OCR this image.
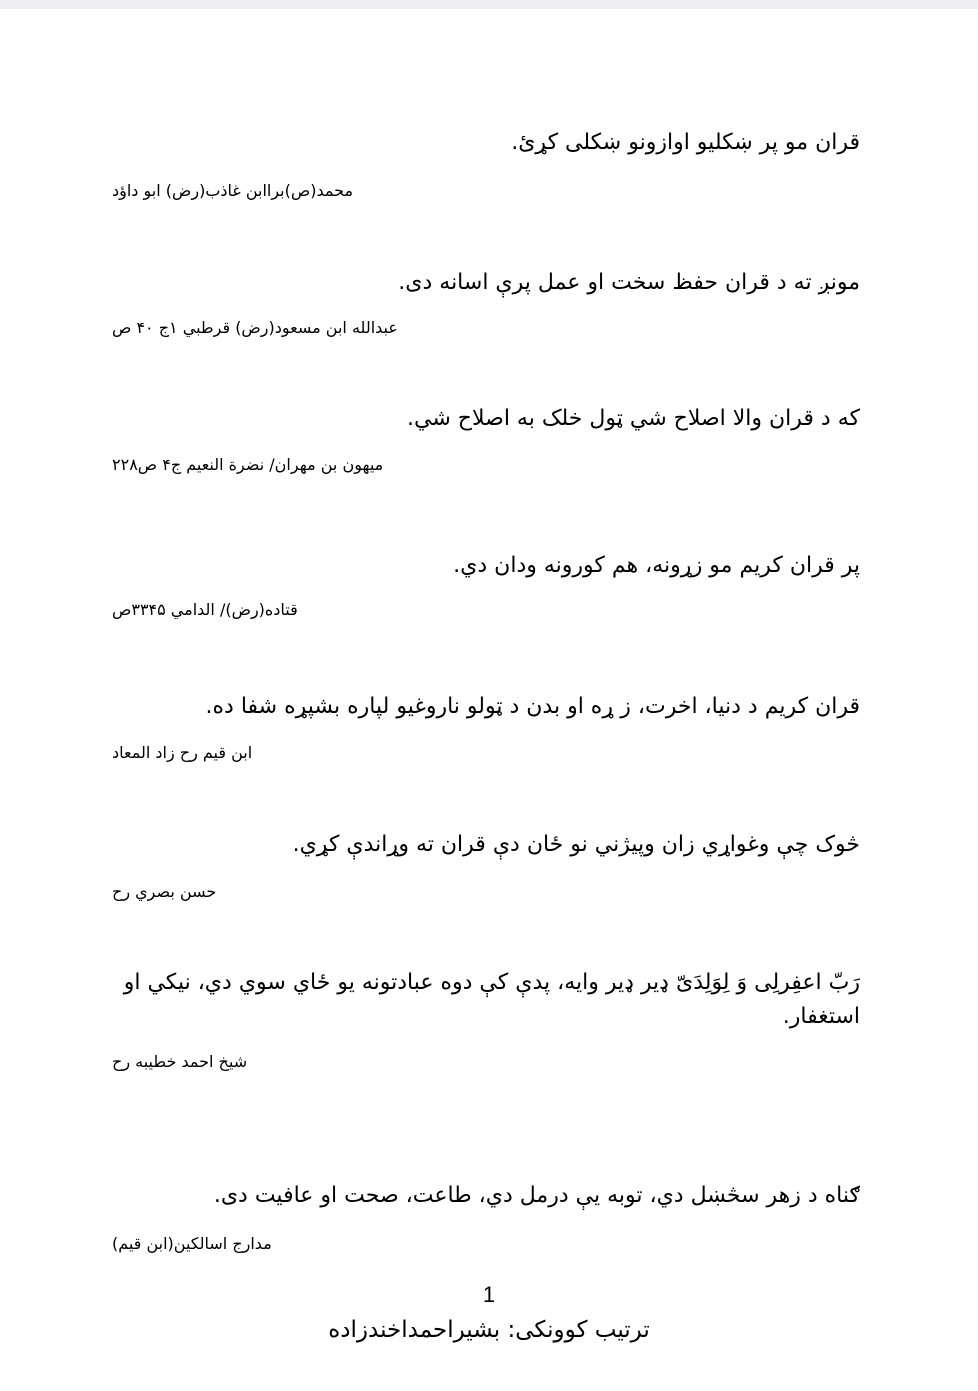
قران مو پر ښکلیو اوازونو ښکلی کړئ.
محمد(ص)براابن غاذب(رض) ابو داؤد
مونږ ته د قران حفظ سخت او عمل پرې اسانه دی.
عبدالله ابن مسعود(رض) قرطبي ۱ج ۴۰ ص
که د قران والا اصلاح شي ټول خلک به اصلاح شي.
میهون بن مهران/ نضرة النعیم ج۴ ص۲۲۸
پر قران کریم مو زړونه، هم کورونه ودان دي.
قتاده(رض)/ الدامي ۳۳۴۵ص
قران کریم د دنیا، اخرت، ز ړه او بدن د ټولو ناروغیو لپاره بشپړه شفا ده.
ابن قیم رح زاد المعاد
څوک چې وغواړي زان وپیژني نو ځان دې قران ته وړاندې کړي.
حسن بصري رح
رَبّ اعفِرلِی وَ لِوَلِدَیّ ډیر ډیر وایه، پدې کې دوه عبادتونه یو ځاي سوي دي، نیکي او استغفار.
شیخ احمد خطیبه رح
ګناه د زهر سڅښل دي، توبه یې درمل دي، طاعت، صحت او عافیت دی.
مدارج اسالکین(ابن قیم)
1
ترتیب کوونکی: بشیراحمداخندزاده
